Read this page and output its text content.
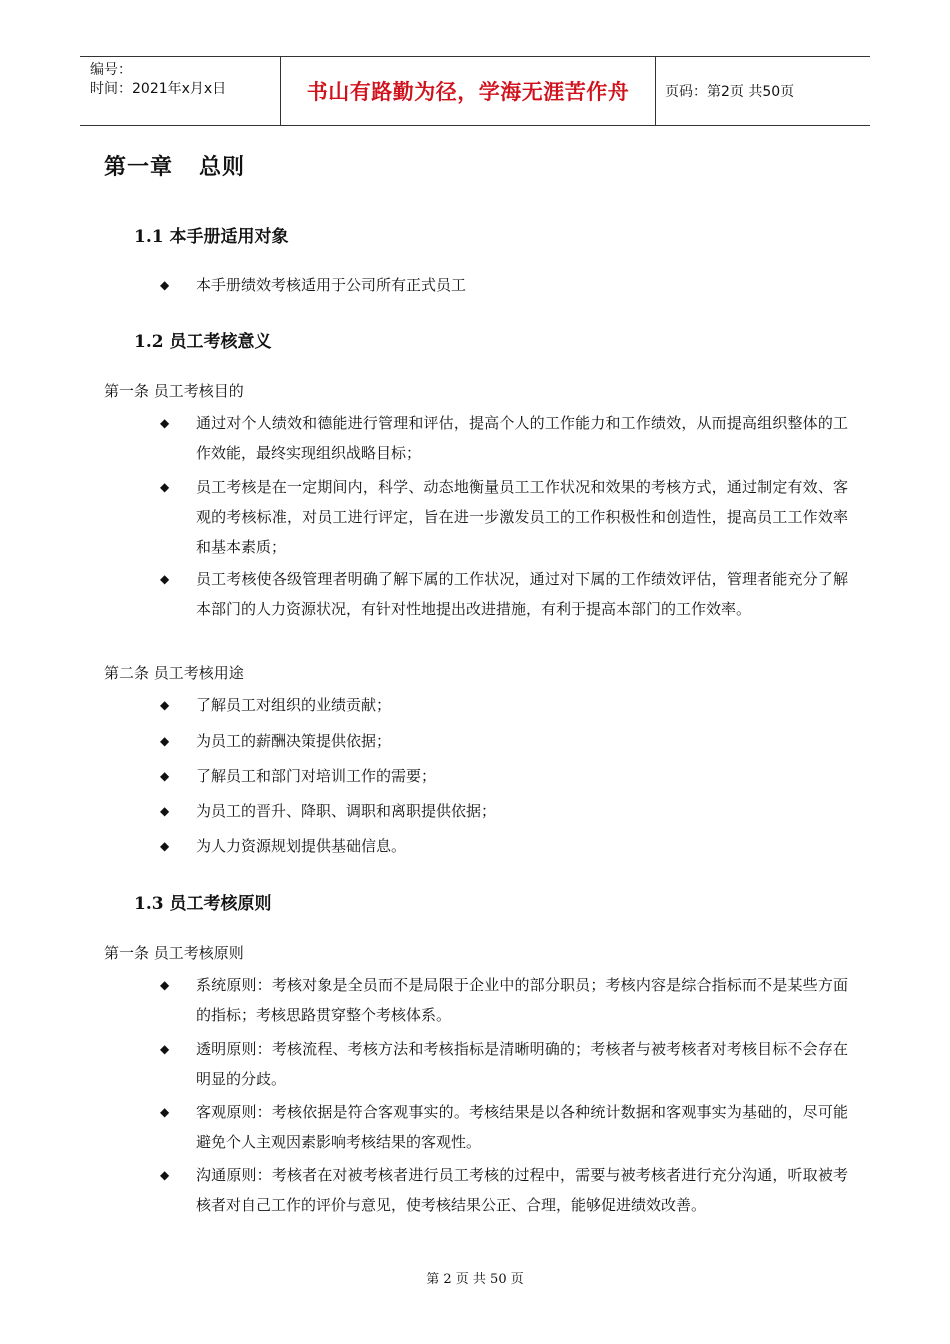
编号：
时间：2021年x月x日	书山有路勤为径，学海无涯苦作舟	页码：第2页 共50页
第一章 总则
1.1 本手册适用对象
◆ 本手册绩效考核适用于公司所有正式员工
1.2 员工考核意义
第一条 员工考核目的
◆ 通过对个人绩效和德能进行管理和评估，提高个人的工作能力和工作绩效，从而提高组织整体的工作效能，最终实现组织战略目标；
◆ 员工考核是在一定期间内，科学、动态地衡量员工工作状况和效果的考核方式，通过制定有效、客观的考核标准，对员工进行评定，旨在进一步激发员工的工作积极性和创造性，提高员工工作效率和基本素质；
◆ 员工考核使各级管理者明确了解下属的工作状况，通过对下属的工作绩效评估，管理者能充分了解本部门的人力资源状况，有针对性地提出改进措施，有利于提高本部门的工作效率。
第二条 员工考核用途
◆ 了解员工对组织的业绩贡献；
◆ 为员工的薪酬决策提供依据；
◆ 了解员工和部门对培训工作的需要；
◆ 为员工的晋升、降职、调职和离职提供依据；
◆ 为人力资源规划提供基础信息。
1.3 员工考核原则
第一条 员工考核原则
◆ 系统原则：考核对象是全员而不是局限于企业中的部分职员；考核内容是综合指标而不是某些方面的指标；考核思路贯穿整个考核体系。
◆ 透明原则：考核流程、考核方法和考核指标是清晰明确的；考核者与被考核者对考核目标不会存在明显的分歧。
◆ 客观原则：考核依据是符合客观事实的。考核结果是以各种统计数据和客观事实为基础的，尽可能避免个人主观因素影响考核结果的客观性。
◆ 沟通原则：考核者在对被考核者进行员工考核的过程中，需要与被考核者进行充分沟通，听取被考核者对自己工作的评价与意见，使考核结果公正、合理，能够促进绩效改善。
第 2 页 共 50 页
